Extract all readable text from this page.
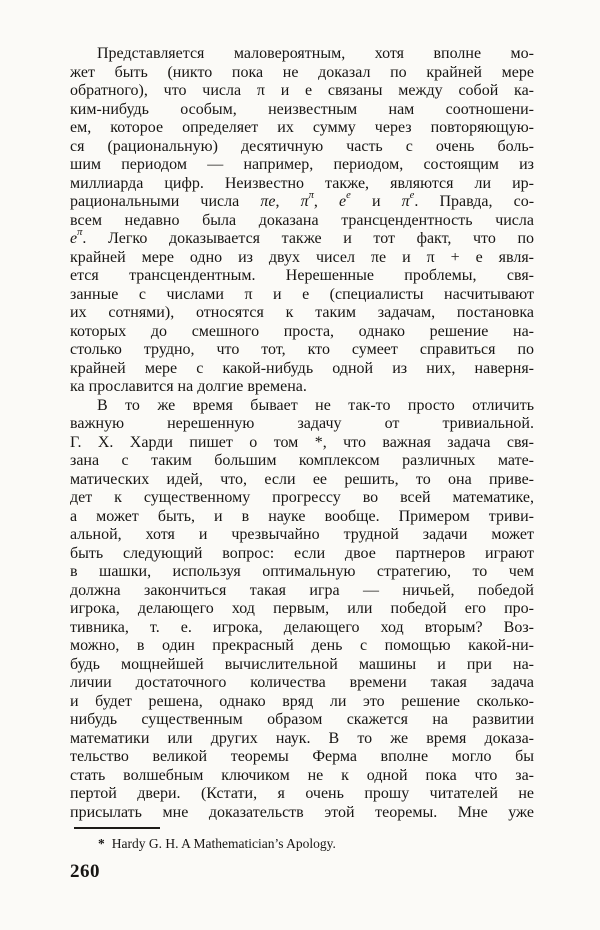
Представляется маловероятным, хотя вполне мо-
жет быть (никто пока не доказал по крайней мере
обратного), что числа π и e связаны между собой ка-
ким-нибудь особым, неизвестным нам соотношени-
ем, которое определяет их сумму через повторяющую-
ся (рациональную) десятичную часть с очень боль-
шим периодом — например, периодом, состоящим из
миллиарда цифр. Неизвестно также, являются ли ир-
рациональными числа πe, $\pi^\pi$, $e^e$ и $\pi^e$. Правда, со-
всем недавно была доказана трансцендентность числа
$e^\pi$. Легко доказывается также и тот факт, что по
крайней мере одно из двух чисел πe и π + e явля-
ется трансцендентным. Нерешенные проблемы, свя-
занные с числами π и e (специалисты насчитывают
их сотнями), относятся к таким задачам, постановка
которых до смешного проста, однако решение на-
столько трудно, что тот, кто сумеет справиться по
крайней мере с какой-нибудь одной из них, наверня-
ка прославится на долгие времена.
В то же время бывает не так-то просто отличить
важную нерешенную задачу от тривиальной.
Г. Х. Харди пишет о том *, что важная задача свя-
зана с таким большим комплексом различных мате-
матических идей, что, если ее решить, то она приве-
дет к существенному прогрессу во всей математике,
а может быть, и в науке вообще. Примером триви-
альной, хотя и чрезвычайно трудной задачи может
быть следующий вопрос: если двое партнеров играют
в шашки, используя оптимальную стратегию, то чем
должна закончиться такая игра — ничьей, победой
игрока, делающего ход первым, или победой его про-
тивника, т. е. игрока, делающего ход вторым? Воз-
можно, в один прекрасный день с помощью какой-ни-
будь мощнейшей вычислительной машины и при на-
личии достаточного количества времени такая задача
и будет решена, однако вряд ли это решение сколько-
нибудь существенным образом скажется на развитии
математики или других наук. В то же время доказа-
тельство великой теоремы Ферма вполне могло бы
стать волшебным ключиком не к одной пока что за-
пертой двери. (Кстати, я очень прошу читателей не
присылать мне доказательств этой теоремы. Мне уже
* Hardy G. H. A Mathematician’s Apology.
260
